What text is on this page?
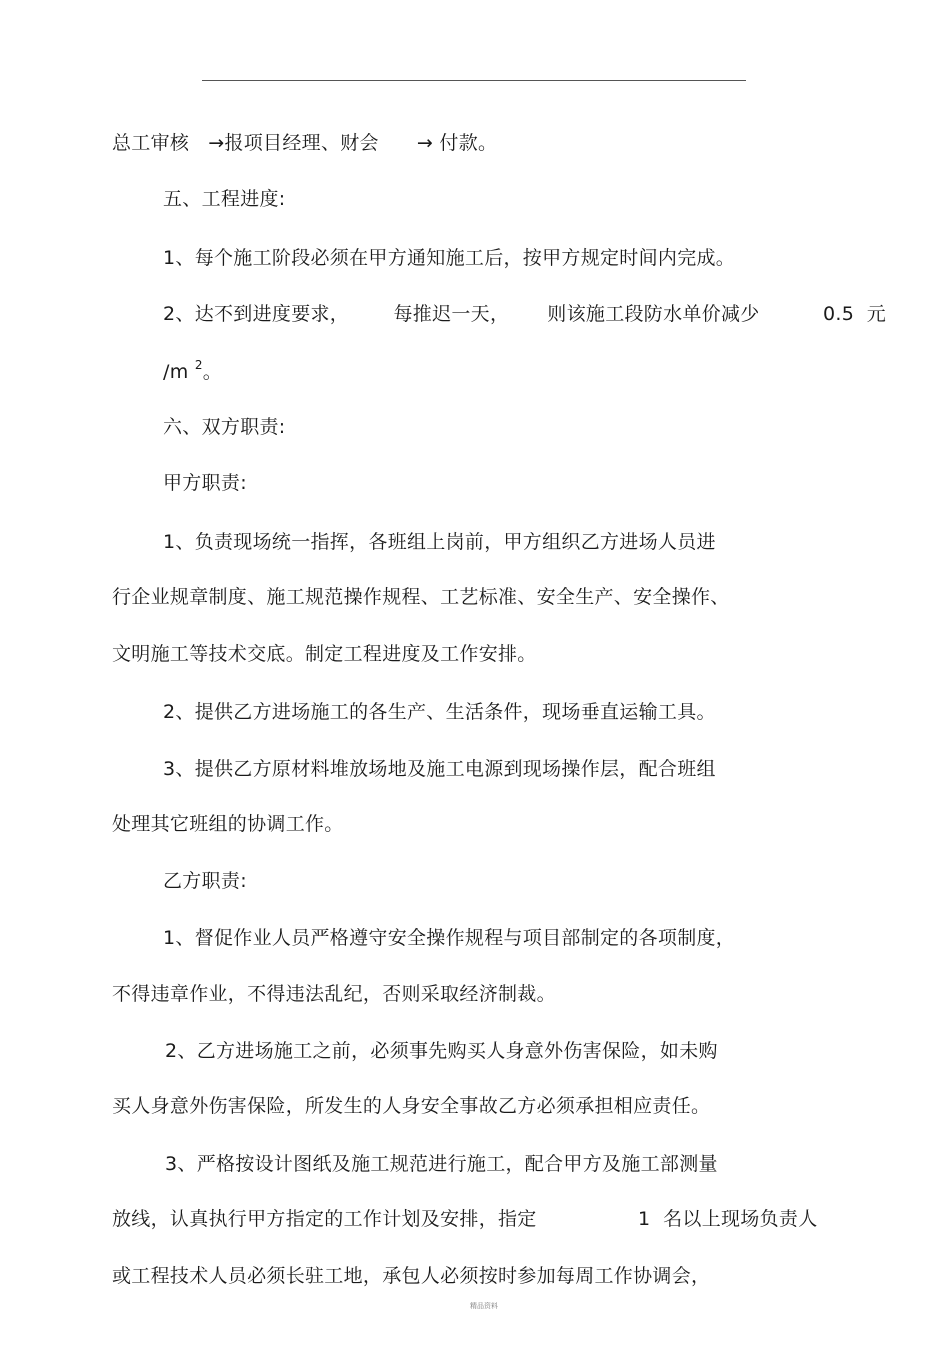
总工审核   →报项目经理、财会      → 付款。
五、工程进度:
1、每个施工阶段必须在甲方通知施工后，按甲方规定时间内完成。
2、达不到进度要求，       每推迟一天，      则该施工段防水单价减少          0.5  元
/m $^2$。
六、双方职责:
甲方职责:
1、负责现场统一指挥，各班组上岗前，甲方组织乙方进场人员进
行企业规章制度、施工规范操作规程、工艺标准、安全生产、安全操作、
文明施工等技术交底。制定工程进度及工作安排。
2、提供乙方进场施工的各生产、生活条件，现场垂直运输工具。
3、提供乙方原材料堆放场地及施工电源到现场操作层，配合班组
处理其它班组的协调工作。
乙方职责:
1、督促作业人员严格遵守安全操作规程与项目部制定的各项制度，
不得违章作业，不得违法乱纪，否则采取经济制裁。
2、乙方进场施工之前，必须事先购买人身意外伤害保险，如未购
买人身意外伤害保险，所发生的人身安全事故乙方必须承担相应责任。
3、严格按设计图纸及施工规范进行施工，配合甲方及施工部测量
放线，认真执行甲方指定的工作计划及安排，指定                1  名以上现场负责人
或工程技术人员必须长驻工地，承包人必须按时参加每周工作协调会，
精品资料
